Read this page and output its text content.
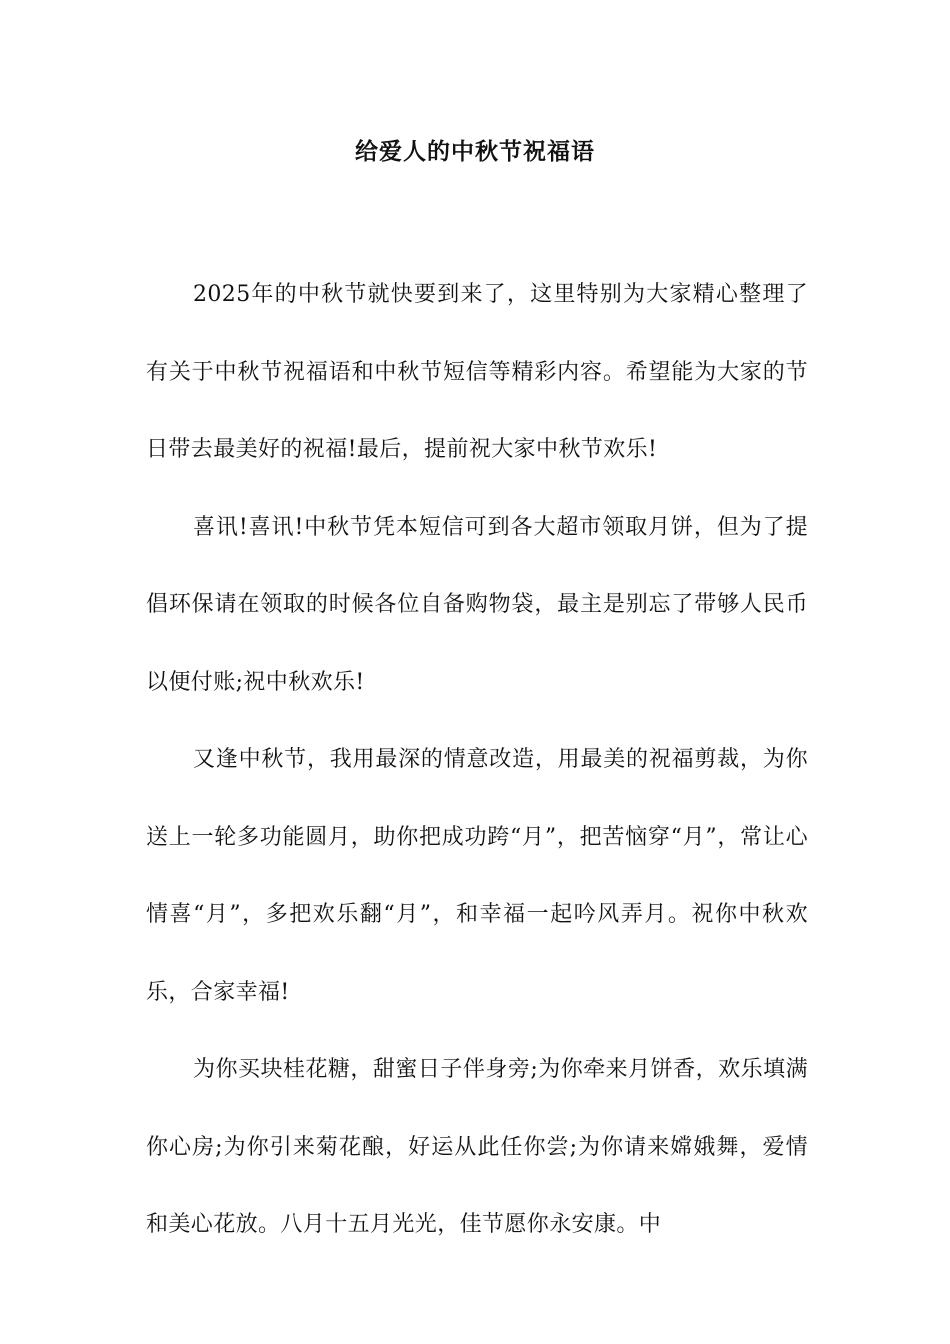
给爱人的中秋节祝福语

2025年的中秋节就快要到来了，这里特别为大家精心整理了有关于中秋节祝福语和中秋节短信等精彩内容。希望能为大家的节日带去最美好的祝福!最后，提前祝大家中秋节欢乐!

喜讯!喜讯!中秋节凭本短信可到各大超市领取月饼，但为了提倡环保请在领取的时候各位自备购物袋，最主是别忘了带够人民币以便付账;祝中秋欢乐!

又逢中秋节，我用最深的情意改造，用最美的祝福剪裁，为你送上一轮多功能圆月，助你把成功跨“月”，把苦恼穿“月”，常让心情喜“月”，多把欢乐翻“月”，和幸福一起吟风弄月。祝你中秋欢乐，合家幸福!

为你买块桂花糖，甜蜜日子伴身旁;为你牵来月饼香，欢乐填满你心房;为你引来菊花酿，好运从此任你尝;为你请来嫦娥舞，爱情和美心花放。八月十五月光光，佳节愿你永安康。中
